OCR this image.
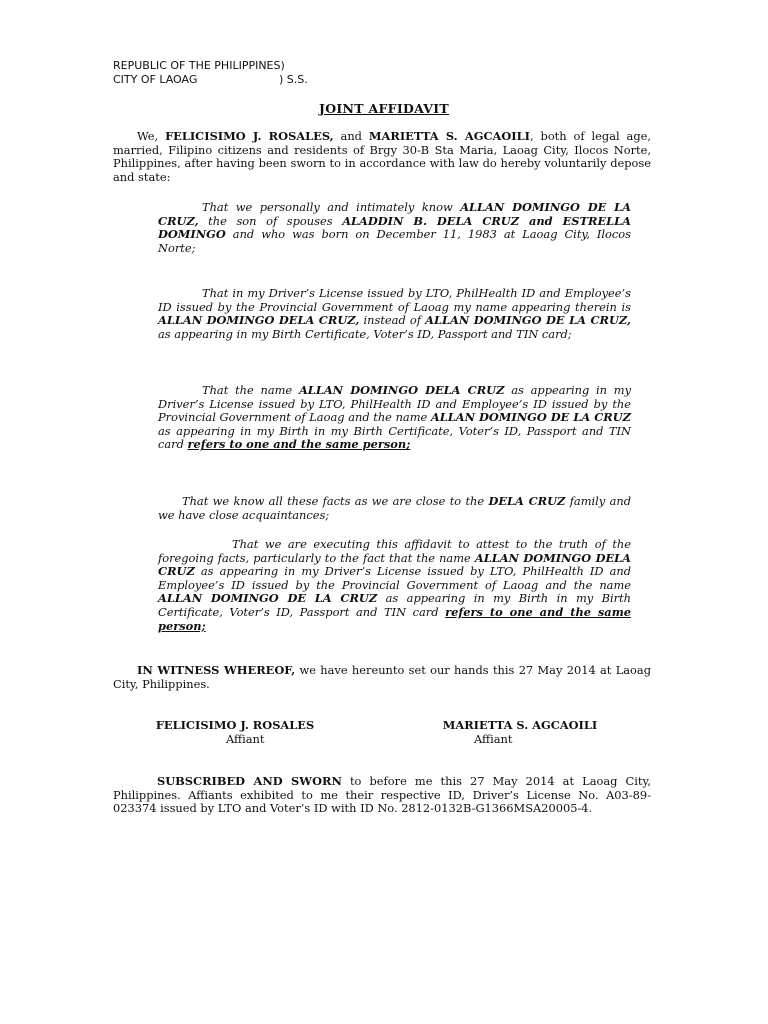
REPUBLIC OF THE PHILIPPINES)
CITY OF LAOAG	) S.S.
JOINT AFFIDAVIT

We, FELICISIMO J. ROSALES, and MARIETTA S. AGCAOILI, both of legal age, married, Filipino citizens and residents of Brgy 30-B Sta Maria, Laoag City, Ilocos Norte, Philippines, after having been sworn to in accordance with law do hereby voluntarily depose and state:

That we personally and intimately know ALLAN DOMINGO DE LA CRUZ, the son of spouses ALADDIN B. DELA CRUZ and ESTRELLA DOMINGO and who was born on December 11, 1983 at Laoag City, Ilocos Norte;

That in my Driver’s License issued by LTO, PhilHealth ID and Employee’s ID issued by the Provincial Government of Laoag my name appearing therein is ALLAN DOMINGO DELA CRUZ, instead of ALLAN DOMINGO DE LA CRUZ, as appearing in my Birth Certificate, Voter’s ID, Passport and TIN card;

That the name ALLAN DOMINGO DELA CRUZ as appearing in my Driver’s License issued by LTO, PhilHealth ID and Employee’s ID issued by the Provincial Government of Laoag and the name ALLAN DOMINGO DE LA CRUZ as appearing in my Birth in my Birth Certificate, Voter’s ID, Passport and TIN card refers to one and the same person;

That we know all these facts as we are close to the DELA CRUZ family and we have close acquaintances;

That we are executing this affidavit to attest to the truth of the foregoing facts, particularly to the fact that the name ALLAN DOMINGO DELA CRUZ as appearing in my Driver’s License issued by LTO, PhilHealth ID and Employee’s ID issued by the Provincial Government of Laoag and the name ALLAN DOMINGO DE LA CRUZ as appearing in my Birth in my Birth Certificate, Voter’s ID, Passport and TIN card refers to one and the same person;

IN WITNESS WHEREOF, we have hereunto set our hands this 27 May 2014 at Laoag City, Philippines.

FELICISIMO J. ROSALES
Affiant
MARIETTA S. AGCAOILI
Affiant

SUBSCRIBED AND SWORN to before me this 27 May 2014 at Laoag City, Philippines. Affiants exhibited to me their respective ID, Driver’s License No. A03-89-023374 issued by LTO and Voter’s ID with ID No. 2812-0132B-G1366MSA20005-4.
